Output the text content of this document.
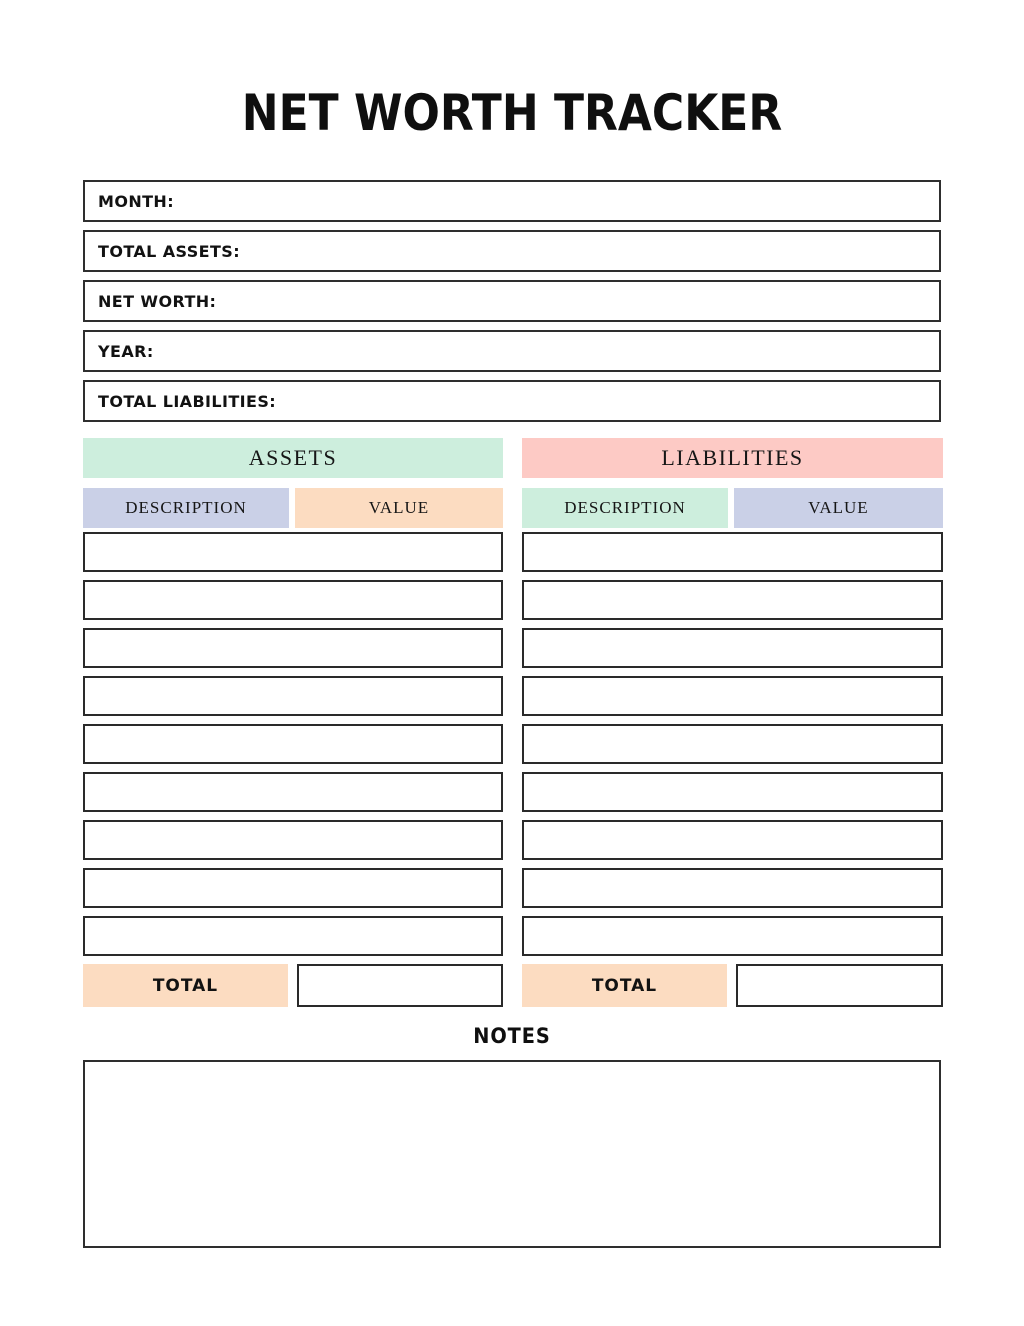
NET WORTH TRACKER
MONTH:
TOTAL ASSETS:
NET WORTH:
YEAR:
TOTAL LIABILITIES:
ASSETS
DESCRIPTION	VALUE
TOTAL
LIABILITIES
DESCRIPTION	VALUE
TOTAL
NOTES
